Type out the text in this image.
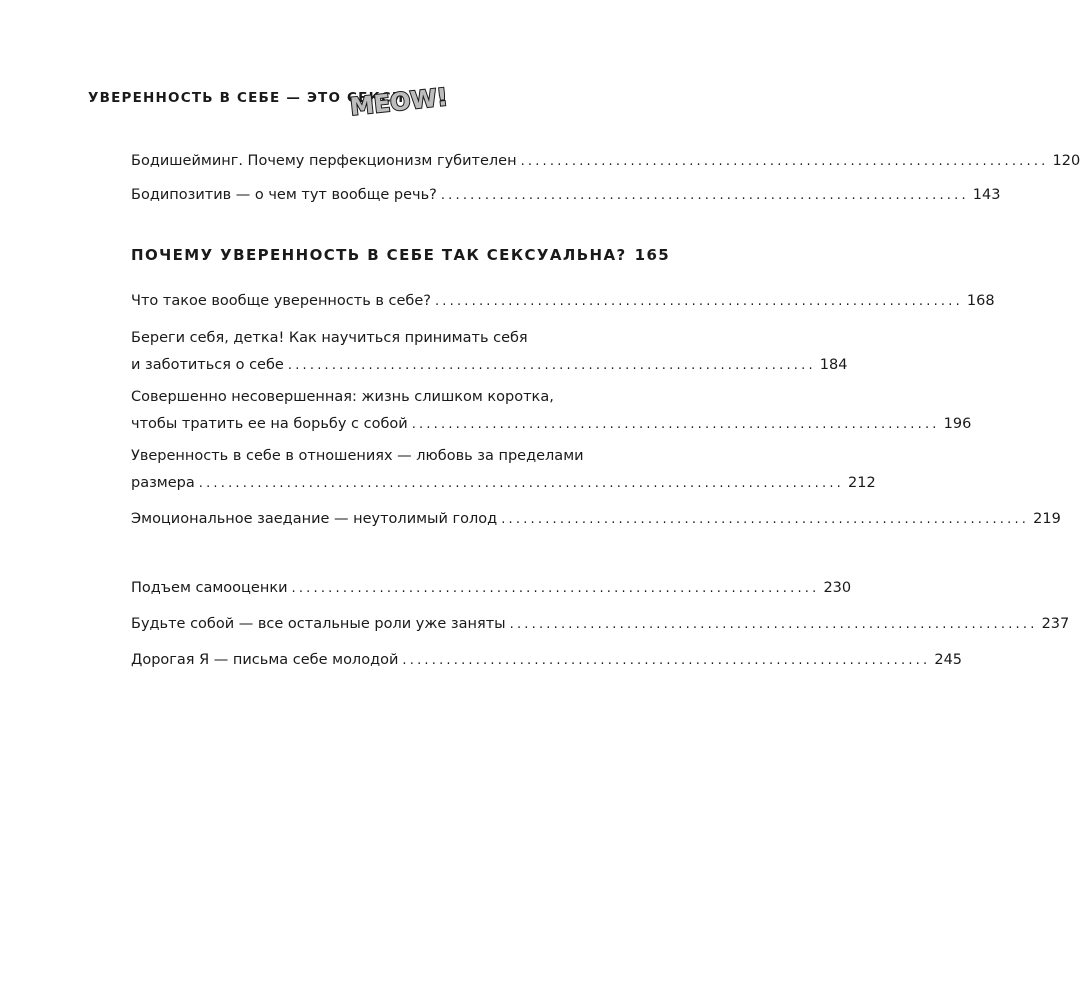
УВЕРЕННОСТЬ В СЕБЕ — ЭТО СЕКСИ
MEOW!
Бодишейминг. Почему перфекционизм губителен ........................................................................ 120
Бодипозитив — о чем тут вообще речь? ........................................................................ 143
ПОЧЕМУ УВЕРЕННОСТЬ В СЕБЕ ТАК СЕКСУАЛЬНА? 165
Что такое вообще уверенность в себе? ........................................................................ 168
Береги себя, детка! Как научиться принимать себя
и заботиться о себе ........................................................................ 184
Совершенно несовершенная: жизнь слишком коротка,
чтобы тратить ее на борьбу с собой ........................................................................ 196
Уверенность в себе в отношениях — любовь за пределами
размера ........................................................................................ 212
Эмоциональное заедание — неутолимый голод ........................................................................ 219
Подъем самооценки ........................................................................ 230
Будьте собой — все остальные роли уже заняты ........................................................................ 237
Дорогая Я — письма себе молодой ........................................................................ 245
